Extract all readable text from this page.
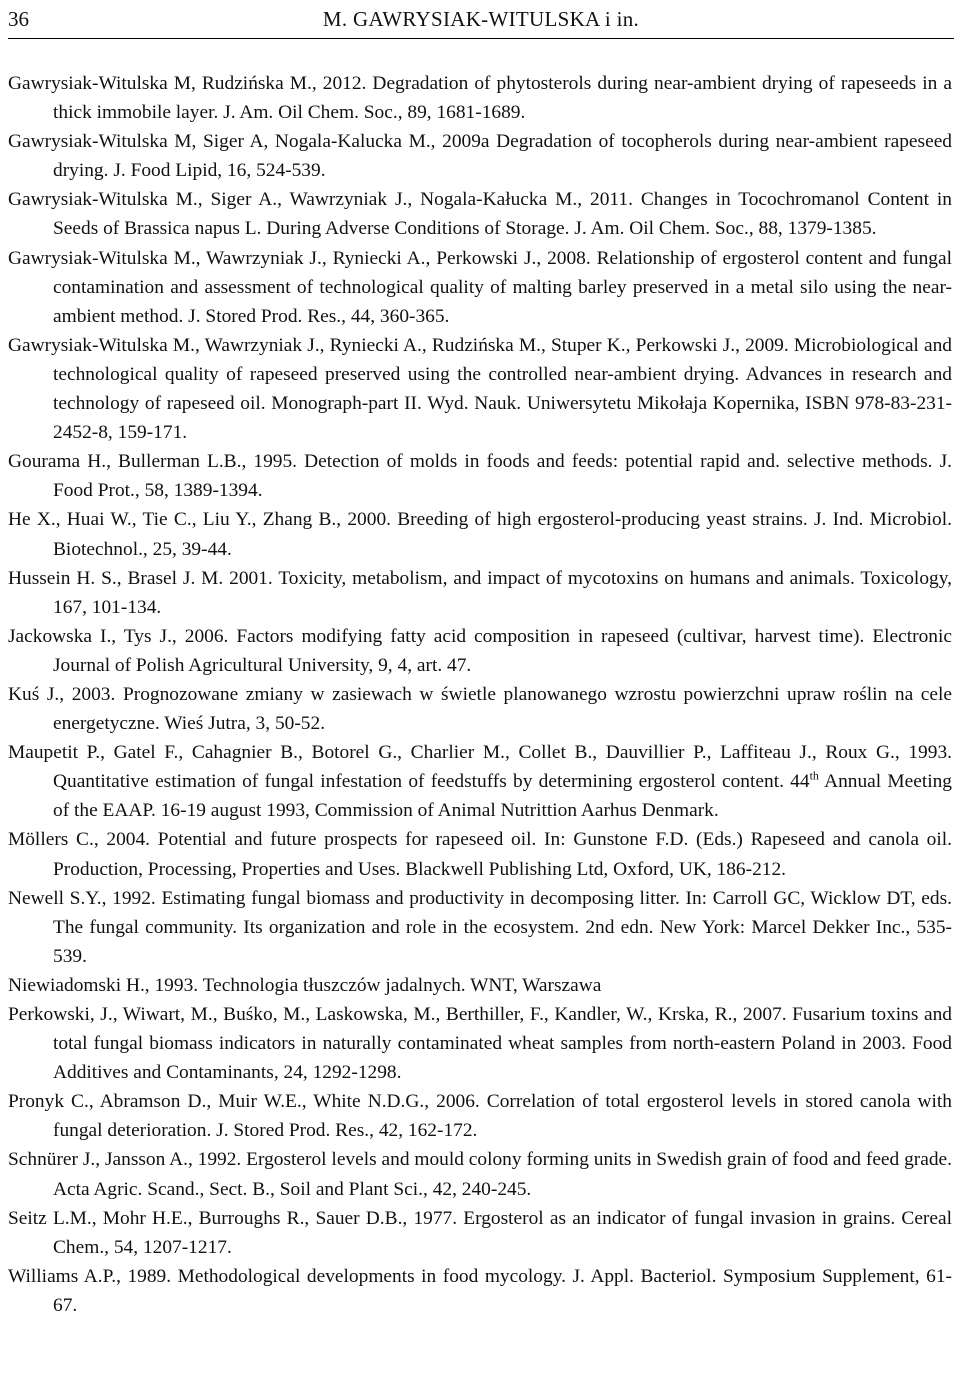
36	M. GAWRYSIAK-WITULSKA i in.
Gawrysiak-Witulska M, Rudzińska M., 2012. Degradation of phytosterols during near-ambient drying of rapeseeds in a thick immobile layer. J. Am. Oil Chem. Soc., 89, 1681-1689.
Gawrysiak-Witulska M, Siger A, Nogala-Kalucka M., 2009a Degradation of tocopherols during near-ambient rapeseed drying. J. Food Lipid, 16, 524-539.
Gawrysiak-Witulska M., Siger A., Wawrzyniak J., Nogala-Kałucka M., 2011. Changes in Tocochromanol Content in Seeds of Brassica napus L. During Adverse Conditions of Storage. J. Am. Oil Chem. Soc., 88, 1379-1385.
Gawrysiak-Witulska M., Wawrzyniak J., Ryniecki A., Perkowski J., 2008. Relationship of ergosterol content and fungal contamination and assessment of technological quality of malting barley preserved in a metal silo using the near-ambient method. J. Stored Prod. Res., 44, 360-365.
Gawrysiak-Witulska M., Wawrzyniak J., Ryniecki A., Rudzińska M., Stuper K., Perkowski J., 2009. Microbiological and technological quality of rapeseed preserved using the controlled near-ambient drying. Advances in research and technology of rapeseed oil. Monograph-part II. Wyd. Nauk. Uniwersytetu Mikołaja Kopernika, ISBN 978-83-231-2452-8, 159-171.
Gourama H., Bullerman L.B., 1995. Detection of molds in foods and feeds: potential rapid and. selective methods. J. Food Prot., 58, 1389-1394.
He X., Huai W., Tie C., Liu Y., Zhang B., 2000. Breeding of high ergosterol-producing yeast strains. J. Ind. Microbiol. Biotechnol., 25, 39-44.
Hussein H. S., Brasel J. M. 2001. Toxicity, metabolism, and impact of mycotoxins on humans and animals. Toxicology, 167, 101-134.
Jackowska I., Tys J., 2006. Factors modifying fatty acid composition in rapeseed (cultivar, harvest time). Electronic Journal of Polish Agricultural University, 9, 4, art. 47.
Kuś J., 2003. Prognozowane zmiany w zasiewach w świetle planowanego wzrostu powierzchni upraw roślin na cele energetyczne. Wieś Jutra, 3, 50-52.
Maupetit P., Gatel F., Cahagnier B., Botorel G., Charlier M., Collet B., Dauvillier P., Laffiteau J., Roux G., 1993. Quantitative estimation of fungal infestation of feedstuffs by determining ergosterol content. 44th Annual Meeting of the EAAP. 16-19 august 1993, Commission of Animal Nutrittion Aarhus Denmark.
Möllers C., 2004. Potential and future prospects for rapeseed oil. In: Gunstone F.D. (Eds.) Rapeseed and canola oil. Production, Processing, Properties and Uses. Blackwell Publishing Ltd, Oxford, UK, 186-212.
Newell S.Y., 1992. Estimating fungal biomass and productivity in decomposing litter. In: Carroll GC, Wicklow DT, eds. The fungal community. Its organization and role in the ecosystem. 2nd edn. New York: Marcel Dekker Inc., 535-539.
Niewiadomski H., 1993. Technologia tłuszczów jadalnych. WNT, Warszawa
Perkowski, J., Wiwart, M., Buśko, M., Laskowska, M., Berthiller, F., Kandler, W., Krska, R., 2007. Fusarium toxins and total fungal biomass indicators in naturally contaminated wheat samples from north-eastern Poland in 2003. Food Additives and Contaminants, 24, 1292-1298.
Pronyk C., Abramson D., Muir W.E., White N.D.G., 2006. Correlation of total ergosterol levels in stored canola with fungal deterioration. J. Stored Prod. Res., 42, 162-172.
Schnürer J., Jansson A., 1992. Ergosterol levels and mould colony forming units in Swedish grain of food and feed grade. Acta Agric. Scand., Sect. B., Soil and Plant Sci., 42, 240-245.
Seitz L.M., Mohr H.E., Burroughs R., Sauer D.B., 1977. Ergosterol as an indicator of fungal invasion in grains. Cereal Chem., 54, 1207-1217.
Williams A.P., 1989. Methodological developments in food mycology. J. Appl. Bacteriol. Symposium Supplement, 61-67.
